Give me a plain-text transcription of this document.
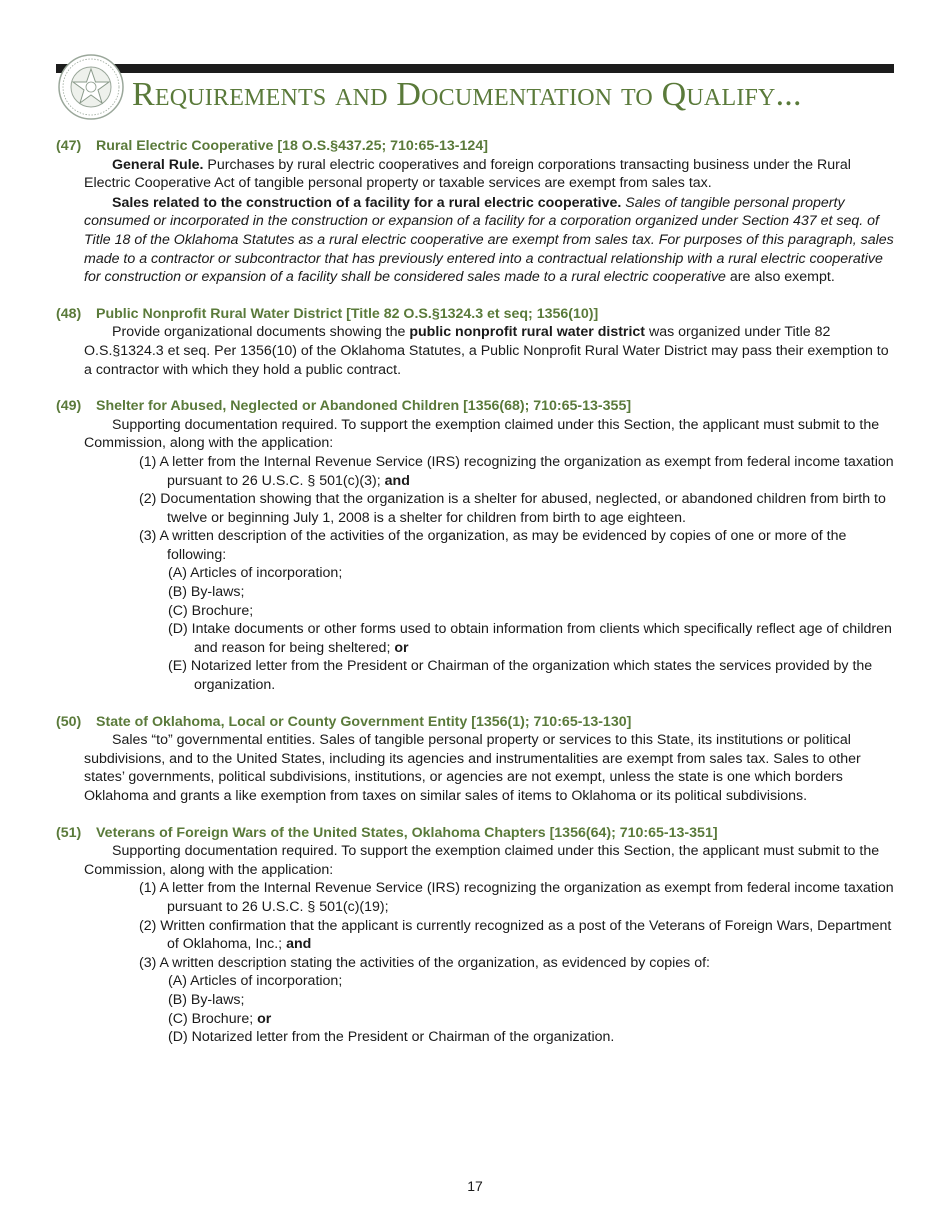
Requirements and Documentation to Qualify...
(47) Rural Electric Cooperative [18 O.S.§437.25; 710:65-13-124]

General Rule. Purchases by rural electric cooperatives and foreign corporations transacting business under the Rural Electric Cooperative Act of tangible personal property or taxable services are exempt from sales tax.

Sales related to the construction of a facility for a rural electric cooperative. Sales of tangible personal property consumed or incorporated in the construction or expansion of a facility for a corporation organized under Section 437 et seq. of Title 18 of the Oklahoma Statutes as a rural electric cooperative are exempt from sales tax. For purposes of this paragraph, sales made to a contractor or subcontractor that has previously entered into a contractual relationship with a rural electric cooperative for construction or expansion of a facility shall be considered sales made to a rural electric cooperative are also exempt.

(48) Public Nonprofit Rural Water District [Title 82 O.S.§1324.3 et seq; 1356(10)]

Provide organizational documents showing the public nonprofit rural water district was organized under Title 82 O.S.§1324.3 et seq. Per 1356(10) of the Oklahoma Statutes, a Public Nonprofit Rural Water District may pass their exemption to a contractor with which they hold a public contract.

(49) Shelter for Abused, Neglected or Abandoned Children [1356(68); 710:65-13-355]

Supporting documentation required. To support the exemption claimed under this Section, the applicant must submit to the Commission, along with the application:

(1) A letter from the Internal Revenue Service (IRS) recognizing the organization as exempt from federal income taxation pursuant to 26 U.S.C. § 501(c)(3); and
(2) Documentation showing that the organization is a shelter for abused, neglected, or abandoned children from birth to twelve or beginning July 1, 2008 is a shelter for children from birth to age eighteen.
(3) A written description of the activities of the organization, as may be evidenced by copies of one or more of the following:
(A) Articles of incorporation;
(B) By-laws;
(C) Brochure;
(D) Intake documents or other forms used to obtain information from clients which specifically reflect age of children and reason for being sheltered; or
(E) Notarized letter from the President or Chairman of the organization which states the services provided by the organization.
(50) State of Oklahoma, Local or County Government Entity [1356(1); 710:65-13-130]

Sales “to” governmental entities. Sales of tangible personal property or services to this State, its institutions or political subdivisions, and to the United States, including its agencies and instrumentalities are exempt from sales tax. Sales to other states’ governments, political subdivisions, institutions, or agencies are not exempt, unless the state is one which borders Oklahoma and grants a like exemption from taxes on similar sales of items to Oklahoma or its political subdivisions.

(51) Veterans of Foreign Wars of the United States, Oklahoma Chapters [1356(64); 710:65-13-351]

Supporting documentation required. To support the exemption claimed under this Section, the applicant must submit to the Commission, along with the application:

(1) A letter from the Internal Revenue Service (IRS) recognizing the organization as exempt from federal income taxation pursuant to 26 U.S.C. § 501(c)(19);
(2) Written confirmation that the applicant is currently recognized as a post of the Veterans of Foreign Wars, Department of Oklahoma, Inc.; and
(3) A written description stating the activities of the organization, as evidenced by copies of:
(A) Articles of incorporation;
(B) By-laws;
(C) Brochure; or
(D) Notarized letter from the President or Chairman of the organization.
17
